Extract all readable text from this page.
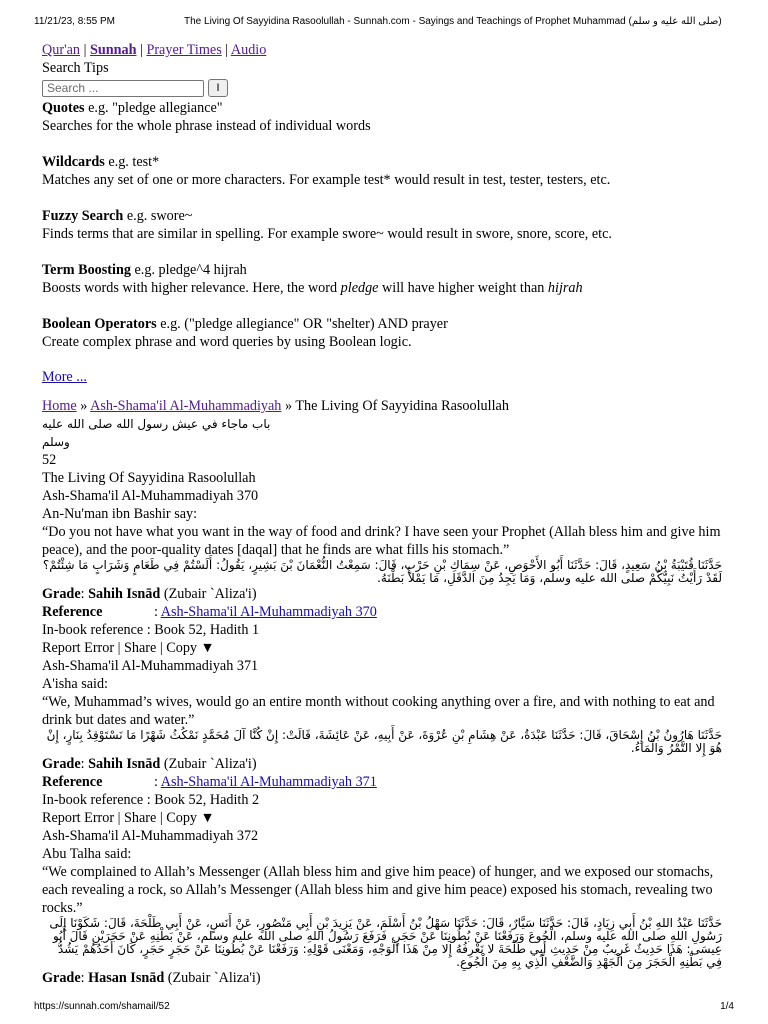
11/21/23, 8:55 PM	The Living Of Sayyidina Rasoolullah - Sunnah.com - Sayings and Teachings of Prophet Muhammad (صلى الله عليه و سلم)
Qur'an | Sunnah | Prayer Times | Audio
Search Tips
Search ...
I
Quotes e.g. "pledge allegiance"
Searches for the whole phrase instead of individual words
Wildcards e.g. test*
Matches any set of one or more characters. For example test* would result in test, tester, testers, etc.
Fuzzy Search e.g. swore~
Finds terms that are similar in spelling. For example swore~ would result in swore, snore, score, etc.
Term Boosting e.g. pledge^4 hijrah
Boosts words with higher relevance. Here, the word pledge will have higher weight than hijrah
Boolean Operators e.g. ("pledge allegiance" OR "shelter) AND prayer
Create complex phrase and word queries by using Boolean logic.
More ...
Home » Ash-Shama'il Al-Muhammadiyah » The Living Of Sayyidina Rasoolullah
باب ماجاء في عيش رسول الله صلى الله عليه وسلم
52
The Living Of Sayyidina Rasoolullah
Ash-Shama'il Al-Muhammadiyah 370
An-Nu'man ibn Bashir say:
“Do you not have what you want in the way of food and drink? I have seen your Prophet (Allah bless him and give him peace), and the poor-quality dates [daqal] that he finds are what fills his stomach.”
حَدَّثَنَا قُتَيْبَةُ بْنُ سَعِيدٍ، قَالَ: حَدَّثَنَا أَبُو الأَحْوَصِ، عَنْ سِمَاكِ بْنِ حَرْبٍ، قَالَ: سَمِعْتُ النُّعْمَانَ بْنَ بَشِيرٍ، يَقُولُ: أَلَسْتُمْ فِي طَعَامٍ وَشَرَابٍ مَا شِئْتُمْ؟ لَقَدْ رَأَيْتُ نَبِيَّكُمْ صلى الله عليه وسلم، وَمَا يَجِدُ مِنَ الدَّقَلِ، مَا يَمْلأُ بَطْنَهُ.
Grade: Sahih Isnād (Zubair `Aliza'i)
Reference	: Ash-Shama'il Al-Muhammadiyah 370
In-book reference : Book 52, Hadith 1
Report Error | Share | Copy ▼
Ash-Shama'il Al-Muhammadiyah 371
A'isha said:
“We, Muhammad’s wives, would go an entire month without cooking anything over a fire, and with nothing to eat and drink but dates and water.”
حَدَّثَنَا هَارُونُ بْنُ إِسْحَاقَ، قَالَ: حَدَّثَنَا عَبْدَةُ، عَنْ هِشَامِ بْنِ عُرْوَةَ، عَنْ أَبِيهِ، عَنْ عَائِشَةَ، قَالَتْ: إِنْ كُنَّا آلَ مُحَمَّدٍ نَمْكُثُ شَهْرًا مَا نَسْتَوْقِدُ بِنَارٍ، إِنْ هُوَ إِلا التَّمْرُ وَالْمَاءُ.
Grade: Sahih Isnād (Zubair `Aliza'i)
Reference	: Ash-Shama'il Al-Muhammadiyah 371
In-book reference : Book 52, Hadith 2
Report Error | Share | Copy ▼
Ash-Shama'il Al-Muhammadiyah 372
Abu Talha said:
“We complained to Allah’s Messenger (Allah bless him and give him peace) of hunger, and we exposed our stomachs, each revealing a rock, so Allah’s Messenger (Allah bless him and give him peace) exposed his stomach, revealing two rocks.”
حَدَّثَنَا عَبْدُ اللهِ بْنُ أَبِي زِيَادٍ، قَالَ: حَدَّثَنَا سَيَّارٌ، قَالَ: حَدَّثَنَا سَهْلُ بْنُ أَسْلَمَ، عَنْ يَزِيدَ بْنِ أَبِي مَنْصُورٍ، عَنْ أَنَسٍ، عَنْ أَبِي طَلْحَةَ، قَالَ: شَكَوْنَا إِلَى رَسُولِ اللهِ صلى الله عليه وسلم، الْجُوعَ وَرَفَعْنَا عَنْ بُطُونِنَا عَنْ حَجَرٍ، فَرَفَعَ رَسُولُ اللهِ صلى الله عليه وسلم، عَنْ بَطْنِهِ عَنْ حَجَرَيْنِ قَالَ أَبُو عِيسَى: هَذَا حَدِيثٌ غَرِيبٌ مِنْ حَدِيثِ أَبِي طَلْحَةَ لا نَعْرِفُهُ إِلا مِنْ هَذَا الْوَجْهِ، وَمَعْنَى قَوْلِهِ: وَرَفَعْنَا عَنْ بُطُونِنَا عَنْ حَجَرٍ حَجَرٍ، كَانَ أَحَدُهُمْ يَشُدُّ فِي بَطْنِهِ الْحَجَرَ مِنَ الْجَهْدِ وَالضَّعْفِ الَّذِي بِهِ مِنَ الْجُوعِ.
Grade: Hasan Isnād (Zubair `Aliza'i)
https://sunnah.com/shamail/52	1/4
